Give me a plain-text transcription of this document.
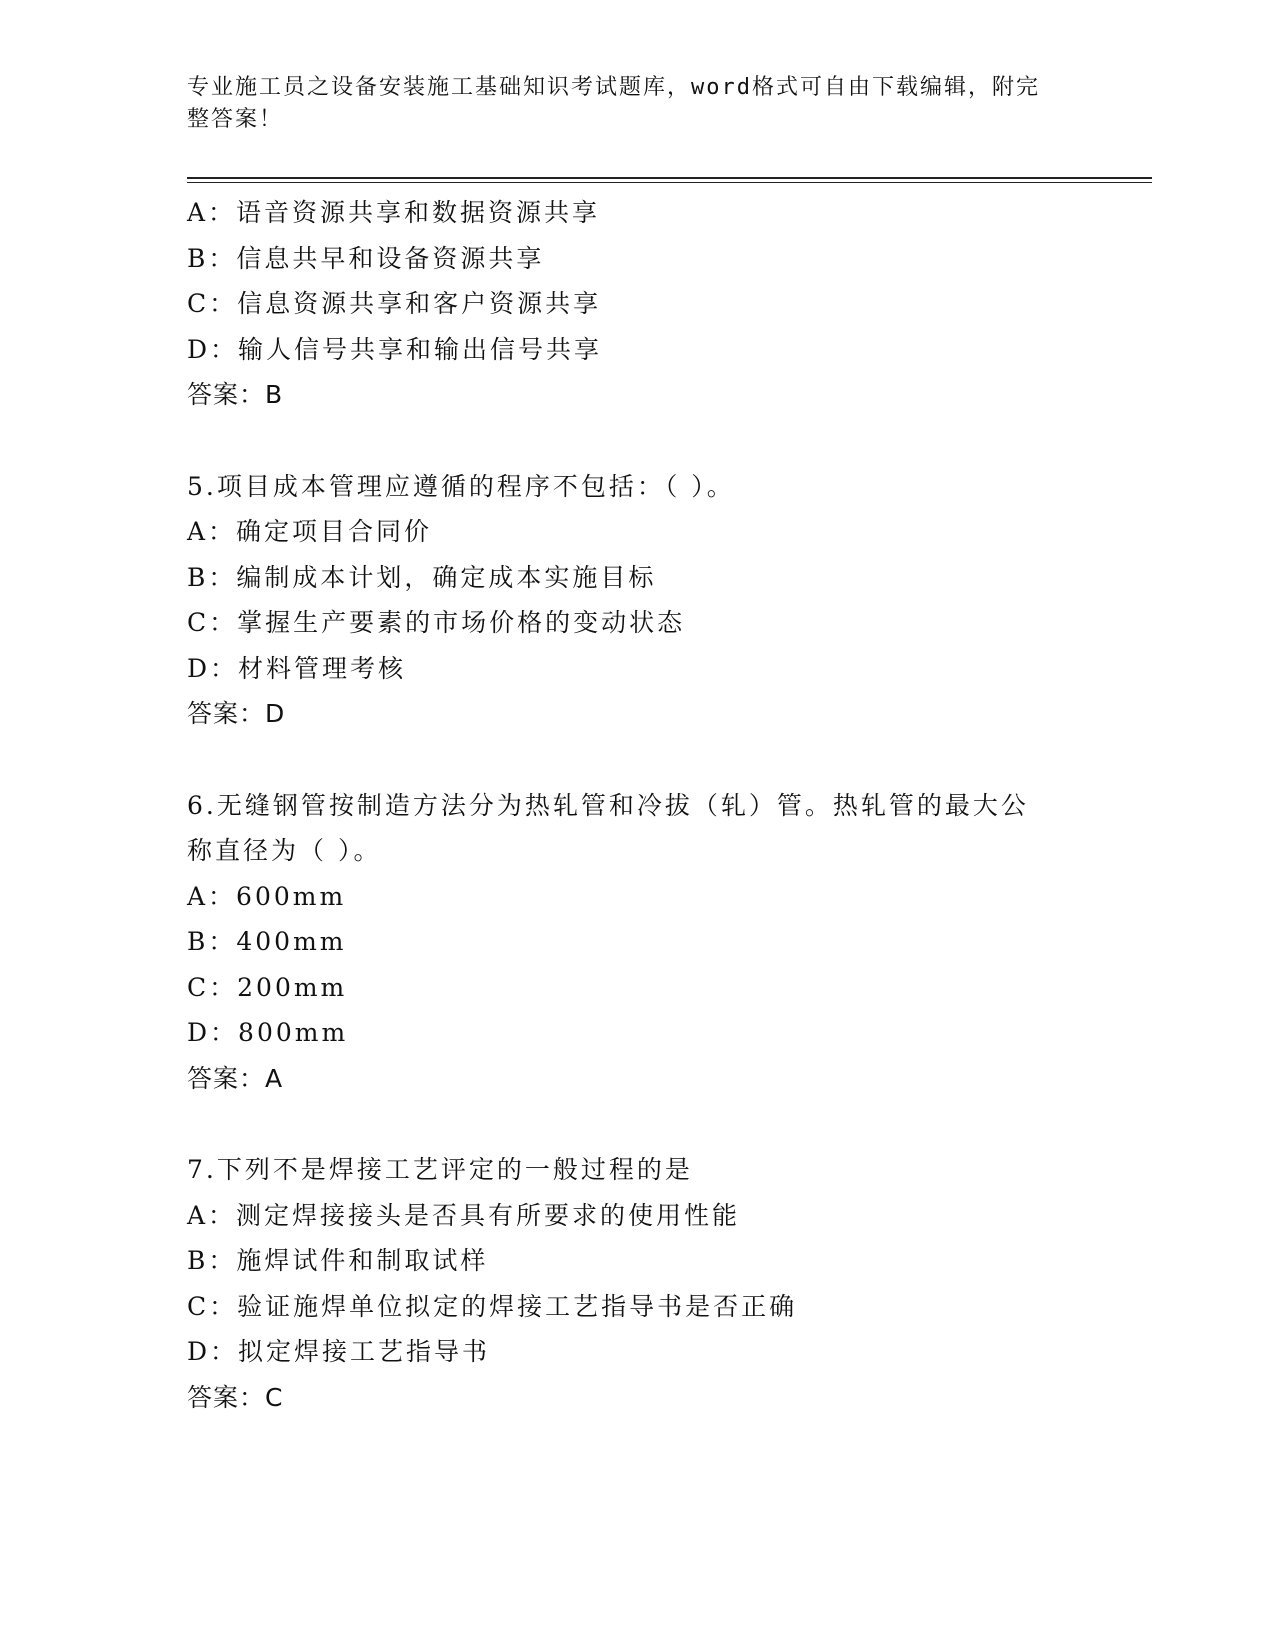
专业施工员之设备安装施工基础知识考试题库，word格式可自由下载编辑，附完
整答案！
A：语音资源共享和数据资源共享
B：信息共早和设备资源共享
C：信息资源共享和客户资源共享
D：输人信号共享和输出信号共享
答案：B
5.项目成本管理应遵循的程序不包括：（ ）。
A：确定项目合同价
B：编制成本计划，确定成本实施目标
C：掌握生产要素的市场价格的变动状态
D：材料管理考核
答案：D
6.无缝钢管按制造方法分为热轧管和冷拔（轧）管。热轧管的最大公
称直径为（ ）。
A：600mm
B：400mm
C：200mm
D：800mm
答案：A
7.下列不是焊接工艺评定的一般过程的是
A：测定焊接接头是否具有所要求的使用性能
B：施焊试件和制取试样
C：验证施焊单位拟定的焊接工艺指导书是否正确
D：拟定焊接工艺指导书
答案：C
